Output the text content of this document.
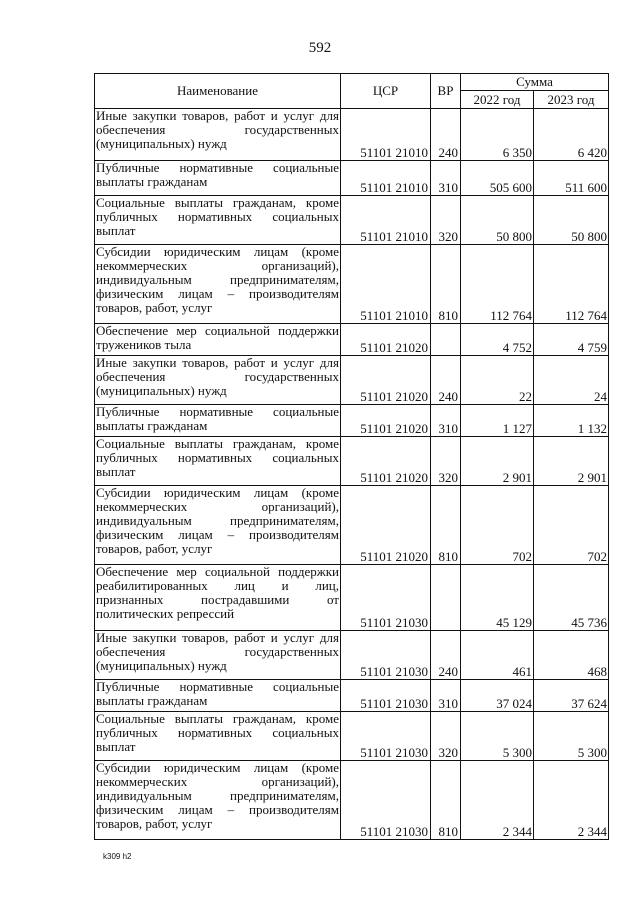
592
Наименование	ЦСР	ВР	Сумма	
			2022 год	2023 год
Иные закупки товаров, работ и услуг для обеспечения государственных (муниципальных) нужд	51101 21010	240	6 350	6 420
Публичные нормативные социальные выплаты гражданам	51101 21010	310	505 600	511 600
Социальные выплаты гражданам, кроме публичных нормативных социальных выплат	51101 21010	320	50 800	50 800
Субсидии юридическим лицам (кроме некоммерческих организаций), индивидуальным предпринимателям, физическим лицам – производителям товаров, работ, услуг	51101 21010	810	112 764	112 764
Обеспечение мер социальной поддержки тружеников тыла	51101 21020		4 752	4 759
Иные закупки товаров, работ и услуг для обеспечения государственных (муниципальных) нужд	51101 21020	240	22	24
Публичные нормативные социальные выплаты гражданам	51101 21020	310	1 127	1 132
Социальные выплаты гражданам, кроме публичных нормативных социальных выплат	51101 21020	320	2 901	2 901
Субсидии юридическим лицам (кроме некоммерческих организаций), индивидуальным предпринимателям, физическим лицам – производителям товаров, работ, услуг	51101 21020	810	702	702
Обеспечение мер социальной поддержки реабилитированных лиц и лиц, признанных пострадавшими от политических репрессий	51101 21030		45 129	45 736
Иные закупки товаров, работ и услуг для обеспечения государственных (муниципальных) нужд	51101 21030	240	461	468
Публичные нормативные социальные выплаты гражданам	51101 21030	310	37 024	37 624
Социальные выплаты гражданам, кроме публичных нормативных социальных выплат	51101 21030	320	5 300	5 300
Субсидии юридическим лицам (кроме некоммерческих организаций), индивидуальным предпринимателям, физическим лицам – производителям товаров, работ, услуг	51101 21030	810	2 344	2 344
k309 h2
